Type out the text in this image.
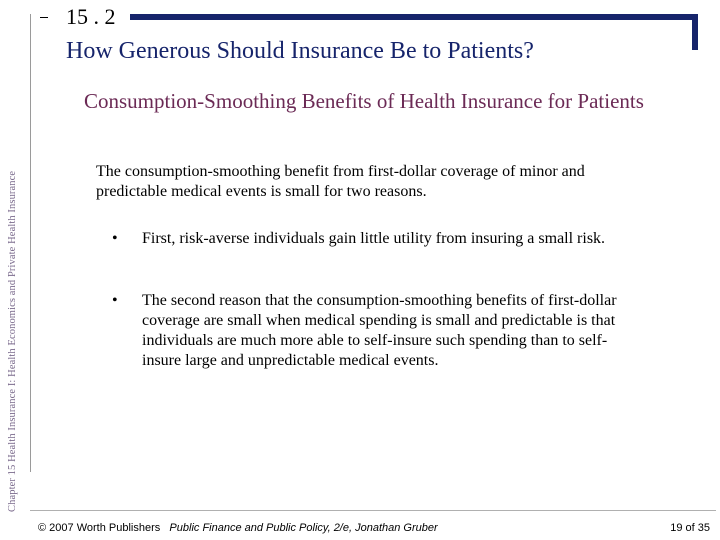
Chapter 15 Health Insurance I: Health Economics and Private Health Insurance
15 . 2
How Generous Should Insurance Be to Patients?
Consumption-Smoothing Benefits of Health Insurance for Patients
The consumption-smoothing benefit from first-dollar coverage of minor and predictable medical events is small for two reasons.
•	First, risk-averse individuals gain little utility from insuring a small risk.
•	The second reason that the consumption-smoothing benefits of first-dollar coverage are small when medical spending is small and predictable is that individuals are much more able to self-insure such spending than to self-insure large and unpredictable medical events.
© 2007 Worth Publishers Public Finance and Public Policy, 2/e, Jonathan Gruber	19 of 35
